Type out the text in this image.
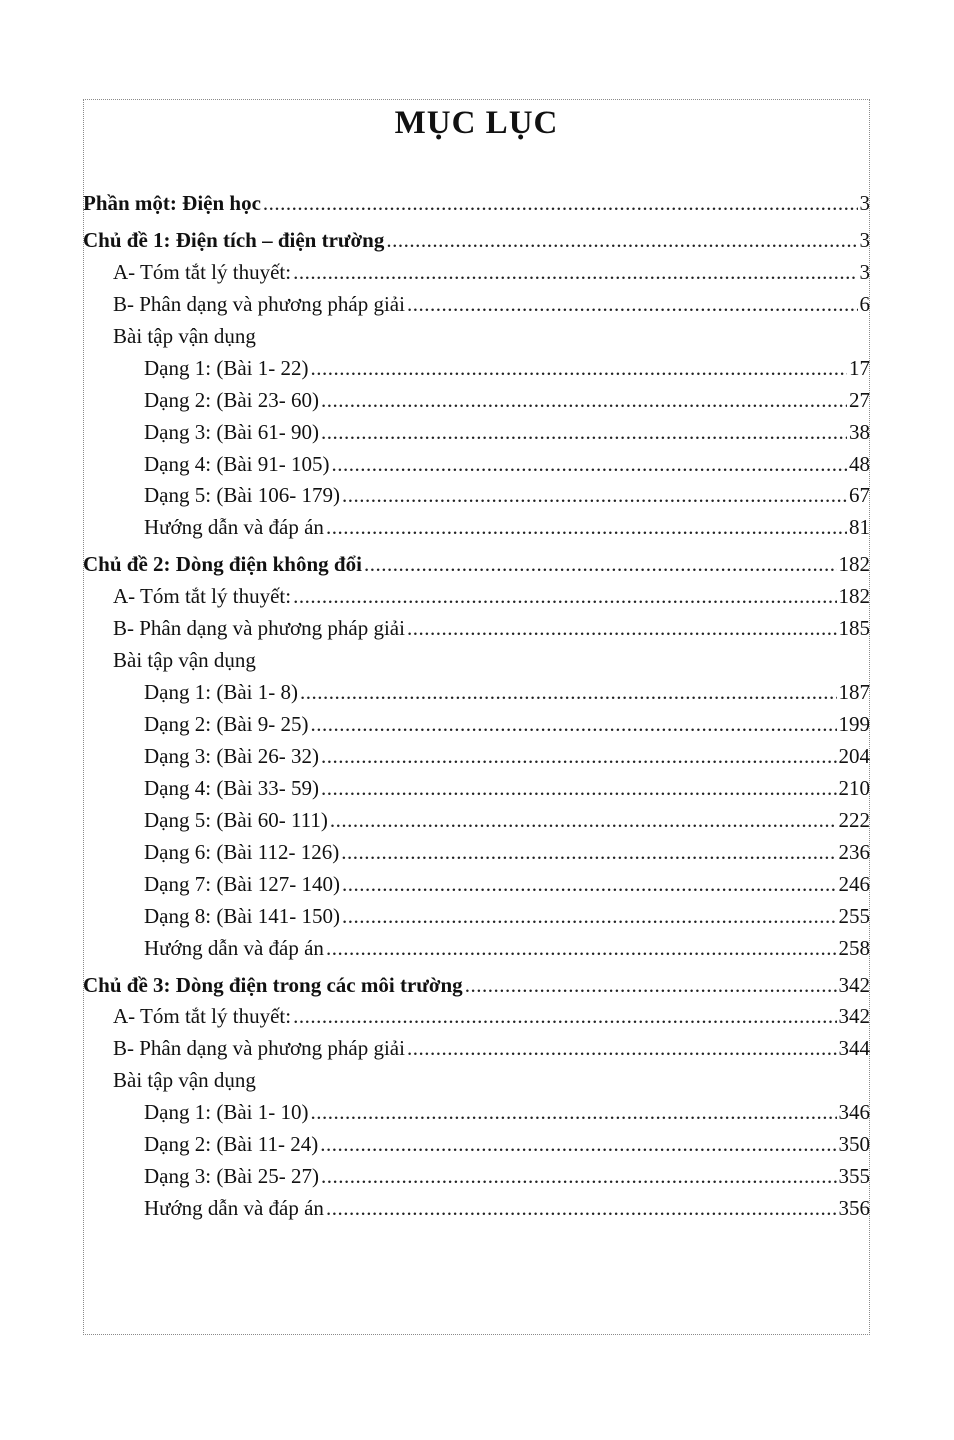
MỤC LỤC
Phần một: Điện học .....	3
Chủ đề 1: Điện tích – điện trường .....	3
A- Tóm tắt lý thuyết: .....	3
B- Phân dạng và phương pháp giải .....	6
Bài tập vận dụng
Dạng 1: (Bài 1- 22) .....	17
Dạng 2: (Bài 23- 60) .....	27
Dạng 3: (Bài 61- 90) .....	38
Dạng 4: (Bài 91- 105) .....	48
Dạng 5: (Bài 106- 179) .....	67
Hướng dẫn và đáp án .....	81
Chủ đề 2: Dòng điện không đổi .....	182
A- Tóm tắt lý thuyết: .....	182
B- Phân dạng và phương pháp giải .....	185
Bài tập vận dụng
Dạng 1: (Bài 1- 8) .....	187
Dạng 2: (Bài 9- 25) .....	199
Dạng 3: (Bài 26- 32) .....	204
Dạng 4: (Bài 33- 59) .....	210
Dạng 5: (Bài 60- 111) .....	222
Dạng 6: (Bài 112- 126) .....	236
Dạng 7: (Bài 127- 140) .....	246
Dạng 8: (Bài 141- 150) .....	255
Hướng dẫn và đáp án .....	258
Chủ đề 3: Dòng điện trong các môi trường .....	342
A- Tóm tắt lý thuyết: .....	342
B- Phân dạng và phương pháp giải .....	344
Bài tập vận dụng
Dạng 1: (Bài 1- 10) .....	346
Dạng 2: (Bài 11- 24) .....	350
Dạng 3: (Bài 25- 27) .....	355
Hướng dẫn và đáp án .....	356
